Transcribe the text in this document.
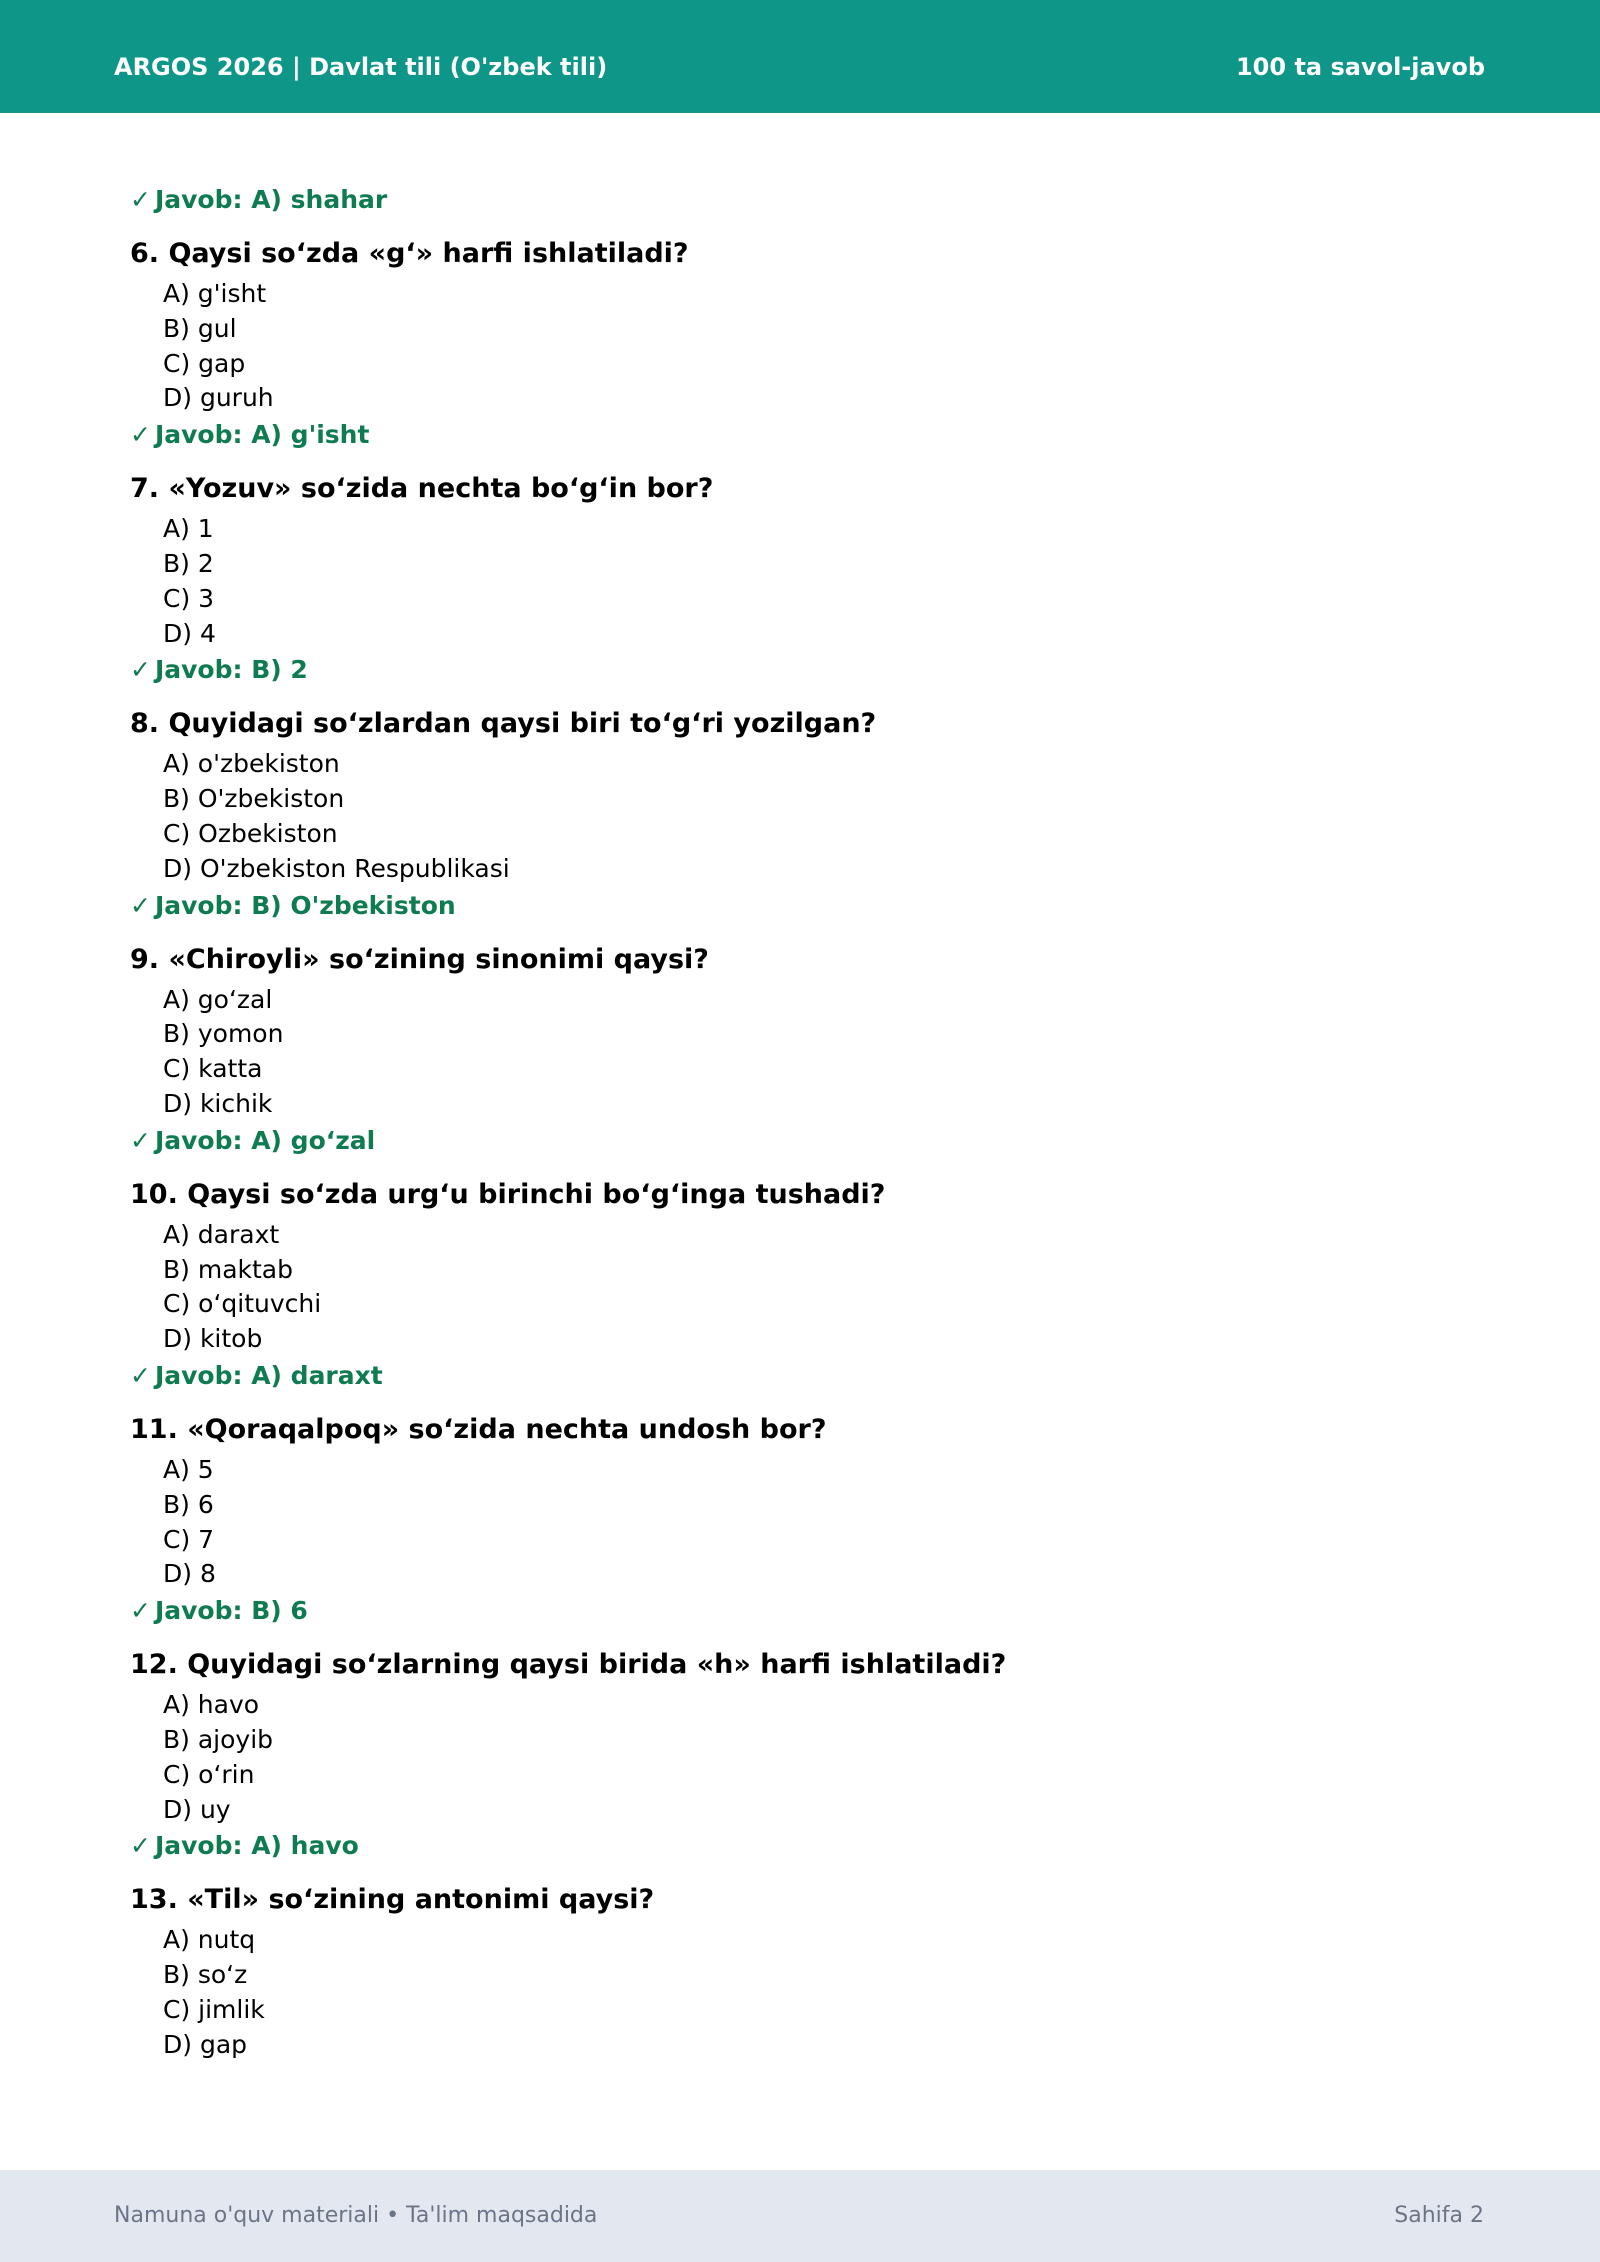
ARGOS 2026 | Davlat tili (O'zbek tili)	100 ta savol-javob
✓ Javob: A) shahar
6. Qaysi so‘zda «g‘» harfi ishlatiladi?
A) g'isht
B) gul
C) gap
D) guruh
✓ Javob: A) g'isht
7. «Yozuv» so‘zida nechta bo‘g‘in bor?
A) 1
B) 2
C) 3
D) 4
✓ Javob: B) 2
8. Quyidagi so‘zlardan qaysi biri to‘g‘ri yozilgan?
A) o'zbekiston
B) O'zbekiston
C) Ozbekiston
D) O'zbekiston Respublikasi
✓ Javob: B) O'zbekiston
9. «Chiroyli» so‘zining sinonimi qaysi?
A) go‘zal
B) yomon
C) katta
D) kichik
✓ Javob: A) go‘zal
10. Qaysi so‘zda urg‘u birinchi bo‘g‘inga tushadi?
A) daraxt
B) maktab
C) o‘qituvchi
D) kitob
✓ Javob: A) daraxt
11. «Qoraqalpoq» so‘zida nechta undosh bor?
A) 5
B) 6
C) 7
D) 8
✓ Javob: B) 6
12. Quyidagi so‘zlarning qaysi birida «h» harfi ishlatiladi?
A) havo
B) ajoyib
C) o‘rin
D) uy
✓ Javob: A) havo
13. «Til» so‘zining antonimi qaysi?
A) nutq
B) so‘z
C) jimlik
D) gap
Namuna o'quv materiali • Ta'lim maqsadida	Sahifa 2
